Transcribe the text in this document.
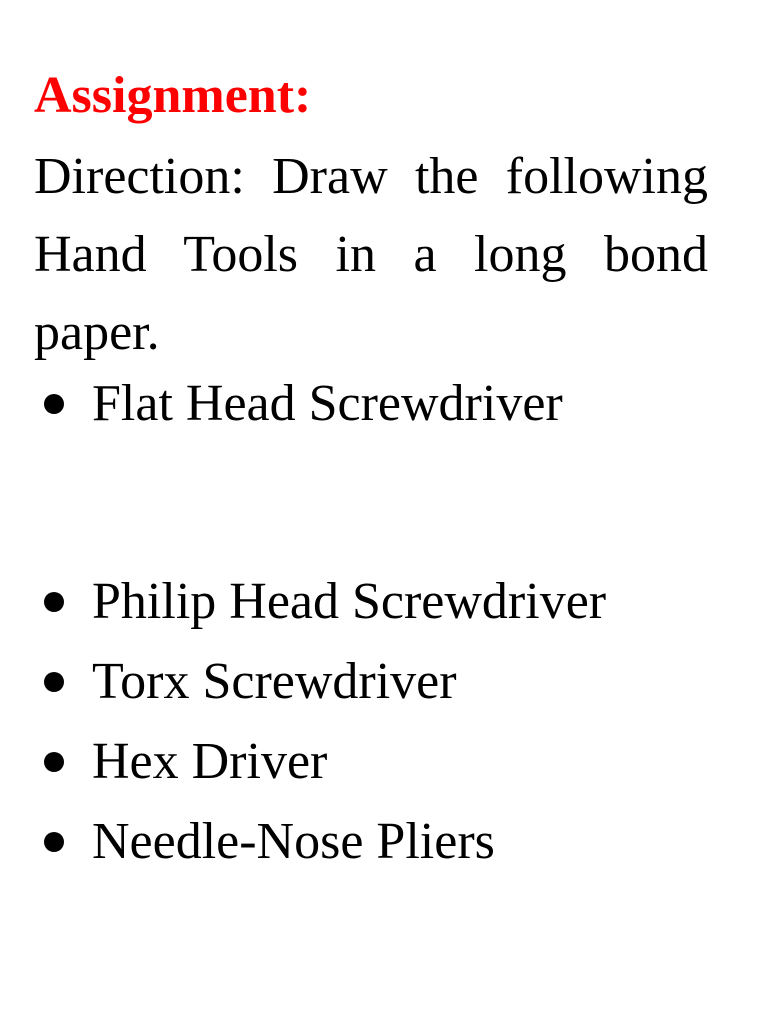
Assignment:

Direction: Draw the following Hand Tools in a long bond paper.

Flat Head Screwdriver
Philip Head Screwdriver
Torx Screwdriver
Hex Driver
Needle-Nose Pliers
